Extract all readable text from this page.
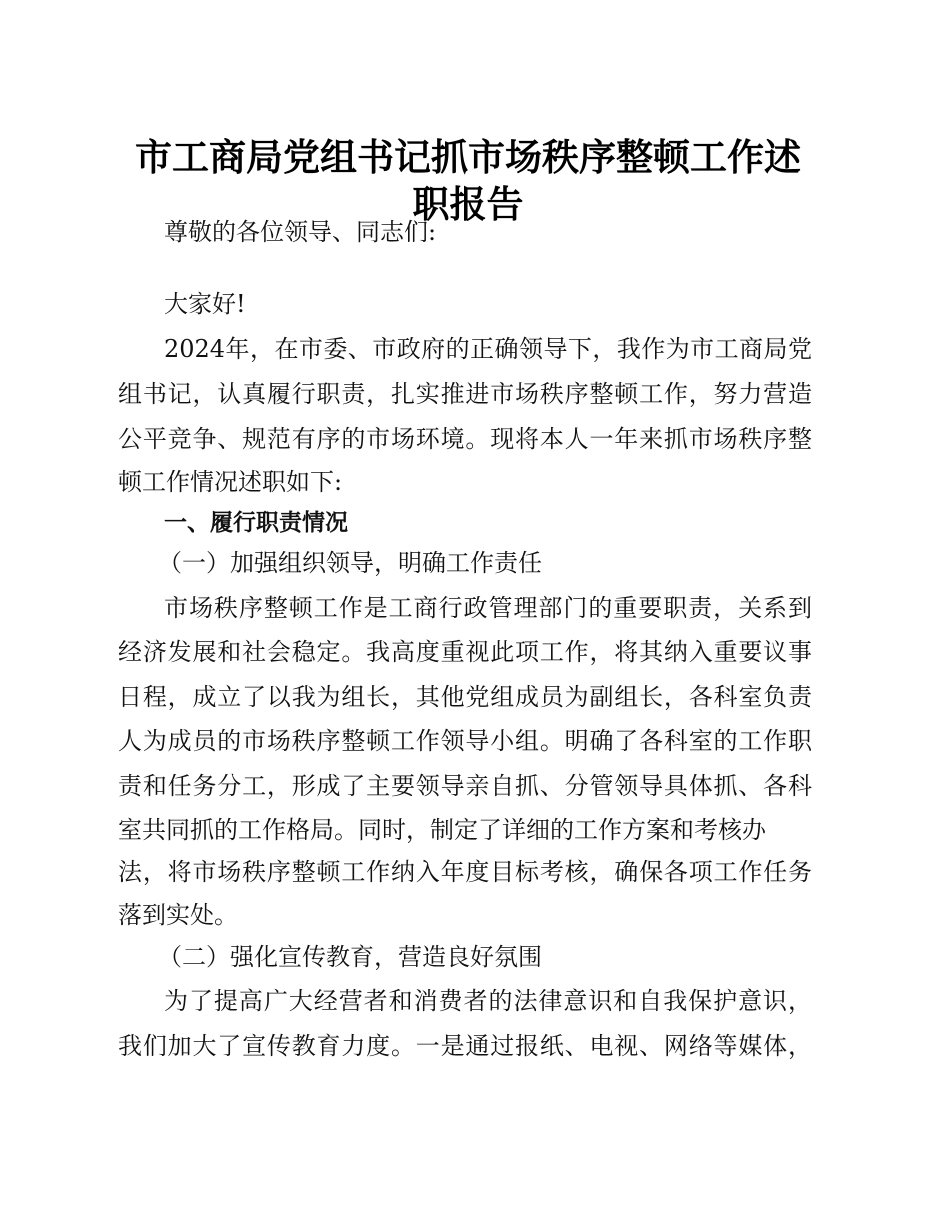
市工商局党组书记抓市场秩序整顿工作述职报告

尊敬的各位领导、同志们:

大家好!

2024年，在市委、市政府的正确领导下，我作为市工商局党

组书记，认真履行职责，扎实推进市场秩序整顿工作，努力营造

公平竞争、规范有序的市场环境。现将本人一年来抓市场秩序整

顿工作情况述职如下:

一、履行职责情况

（一）加强组织领导，明确工作责任

市场秩序整顿工作是工商行政管理部门的重要职责，关系到

经济发展和社会稳定。我高度重视此项工作，将其纳入重要议事

日程，成立了以我为组长，其他党组成员为副组长，各科室负责

人为成员的市场秩序整顿工作领导小组。明确了各科室的工作职

责和任务分工，形成了主要领导亲自抓、分管领导具体抓、各科

室共同抓的工作格局。同时，制定了详细的工作方案和考核办

法，将市场秩序整顿工作纳入年度目标考核，确保各项工作任务

落到实处。

（二）强化宣传教育，营造良好氛围

为了提高广大经营者和消费者的法律意识和自我保护意识，

我们加大了宣传教育力度。一是通过报纸、电视、网络等媒体，
